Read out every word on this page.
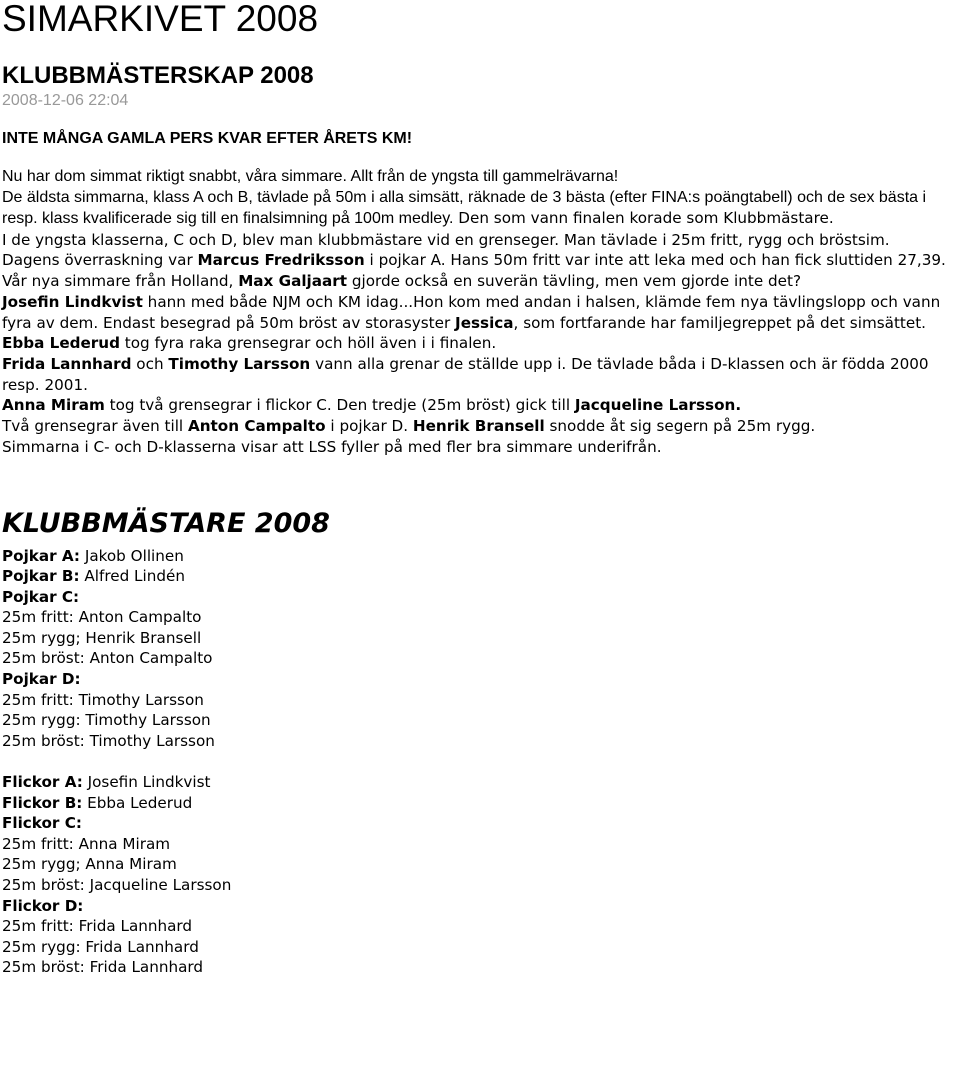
SIMARKIVET 2008
KLUBBMÄSTERSKAP 2008
2008-12-06 22:04
INTE MÅNGA GAMLA PERS KVAR EFTER ÅRETS KM!
Nu har dom simmat riktigt snabbt, våra simmare. Allt från de yngsta till gammelrävarna!
De äldsta simmarna, klass A och B, tävlade på 50m i alla simsätt, räknade de 3 bästa (efter FINA:s poängtabell) och de sex bästa i resp. klass kvalificerade sig till en finalsimning på 100m medley. Den som vann finalen korade som Klubbmästare.

I de yngsta klasserna, C och D, blev man klubbmästare vid en grenseger. Man tävlade i 25m fritt, rygg och bröstsim.

Dagens överraskning var Marcus Fredriksson i pojkar A. Hans 50m fritt var inte att leka med och han fick sluttiden 27,39. Vår nya simmare från Holland, Max Galjaart gjorde också en suverän tävling, men vem gjorde inte det?

Josefin Lindkvist hann med både NJM och KM idag...Hon kom med andan i halsen, klämde fem nya tävlingslopp och vann fyra av dem. Endast besegrad på 50m bröst av storasyster Jessica, som fortfarande har familjegreppet på det simsättet.

Ebba Lederud tog fyra raka grensegrar och höll även i i finalen.

Frida Lannhard och Timothy Larsson vann alla grenar de ställde upp i. De tävlade båda i D-klassen och är födda 2000 resp. 2001.

Anna Miram tog två grensegrar i flickor C. Den tredje (25m bröst) gick till Jacqueline Larsson.

Två grensegrar även till Anton Campalto i pojkar D. Henrik Bransell snodde åt sig segern på 25m rygg.

Simmarna i C- och D-klasserna visar att LSS fyller på med fler bra simmare underifrån.

KLUBBMÄSTARE 2008
Pojkar A: Jakob Ollinen
Pojkar B: Alfred Lindén
Pojkar C:
25m fritt: Anton Campalto
25m rygg; Henrik Bransell
25m bröst: Anton Campalto
Pojkar D:
25m fritt: Timothy Larsson
25m rygg: Timothy Larsson
25m bröst: Timothy Larsson
Flickor A: Josefin Lindkvist
Flickor B: Ebba Lederud
Flickor C:
25m fritt: Anna Miram
25m rygg; Anna Miram
25m bröst: Jacqueline Larsson
Flickor D:
25m fritt: Frida Lannhard
25m rygg: Frida Lannhard
25m bröst: Frida Lannhard
